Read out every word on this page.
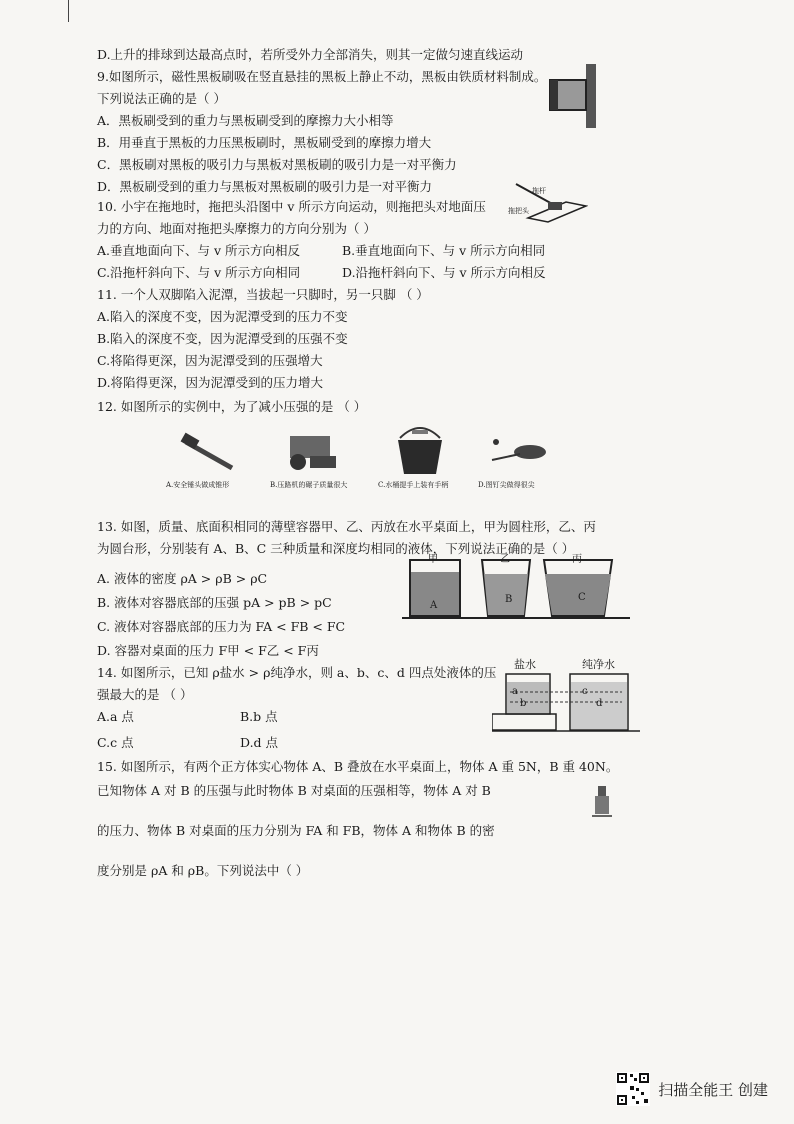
D.上升的排球到达最高点时，若所受外力全部消失，则其一定做匀速直线运动
9.如图所示，磁性黑板刷吸在竖直悬挂的黑板上静止不动，黑板由铁质材料制成。
下列说法正确的是（ ）
A．黑板刷受到的重力与黑板刷受到的摩擦力大小相等
B．用垂直于黑板的力压黑板刷时，黑板刷受到的摩擦力增大
C．黑板刷对黑板的吸引力与黑板对黑板刷的吸引力是一对平衡力
D．黑板刷受到的重力与黑板对黑板刷的吸引力是一对平衡力
10. 小宇在拖地时，拖把头沿图中 v 所示方向运动，则拖把头对地面压
力的方向、地面对拖把头摩擦力的方向分别为（ ）
拖杆
拖把头
A.垂直地面向下、与 v 所示方向相反	B.垂直地面向下、与 v 所示方向相同
C.沿拖杆斜向下、与 v 所示方向相同	D.沿拖杆斜向下、与 v 所示方向相反
11. 一个人双脚陷入泥潭，当拔起一只脚时，另一只脚 （ ）
A.陷入的深度不变，因为泥潭受到的压力不变
B.陷入的深度不变，因为泥潭受到的压强不变
C.将陷得更深，因为泥潭受到的压强增大
D.将陷得更深，因为泥潭受到的压力增大
12. 如图所示的实例中，为了减小压强的是 （ ）
A.安全锤头做成锥形	B.压路机的碾子质量很大	C.水桶提手上装有手柄	D.图钉尖做得很尖
13. 如图，质量、底面积相同的薄壁容器甲、乙、丙放在水平桌面上，甲为圆柱形，乙、丙
为圆台形，分别装有 A、B、C 三种质量和深度均相同的液体，下列说法正确的是（ ）
A. 液体的密度 ρA > ρB > ρC
B. 液体对容器底部的压强 pA > pB > pC
C. 液体对容器底部的压力为 FA < FB < FC
D. 容器对桌面的压力 F甲 < F乙 < F丙
甲	乙	丙
A
B	C
14. 如图所示，已知 ρ盐水 > ρ纯净水，则 a、b、c、d 四点处液体的压
强最大的是 （ ）
A.a 点	B.b 点
C.c 点	D.d 点
盐水	纯净水
a
b
c
d
15. 如图所示，有两个正方体实心物体 A、B 叠放在水平桌面上，物体 A 重 5N，B 重 40N。
已知物体 A 对 B 的压强与此时物体 B 对桌面的压强相等，物体 A 对 B
的压力、物体 B 对桌面的压力分别为 FA 和 FB，物体 A 和物体 B 的密
度分别是 ρA 和 ρB。下列说法中（ ）
扫描全能王 创建
